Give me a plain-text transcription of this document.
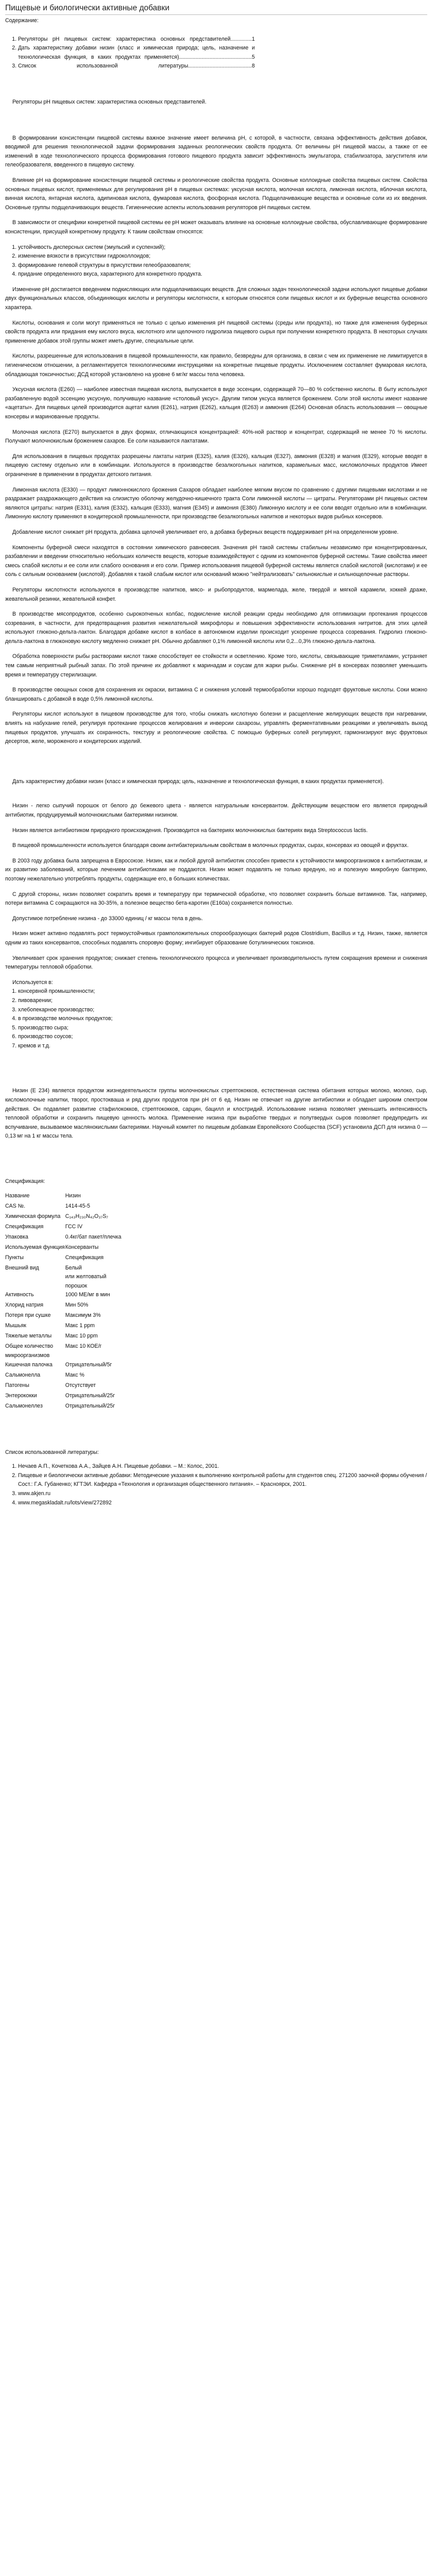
Пищевые и биологически активные добавки
Содержание:
1. Регуляторы рН пищевых систем: характеристика основных представителей..............1
2. Дать характеристику добавки низин (класс и химическая природа; цель, назначение и технологическая функция, в каких продуктах применяется)................................................5
3. Список использованной литературы..........................................8
Регуляторы рН пищевых систем: характеристика основных представителей.

В формировании консистенции пищевой системы важное значение имеет величина рН, с которой, в частности, связана эффективность действия добавок, вводимой для решения технологической задачи формирования заданных реологических свойств продукта. От величины рН пищевой массы, а также от ее изменений в ходе технологического процесса формирования готового пищевого продукта зависит эффективность эмульгатора, стабилизатора, загустителя или гелеобразователя, введенного в пищевую систему.

Влияние рН на формирование консистенции пищевой системы и реологические свойства продукта. Основные коллоидные свойства пищевых систем. Свойства основных пищевых кислот, применяемых для регулирования рН в пищевых системах: уксусная кислота, молочная кислота, лимонная кислота, яблочная кислота, винная кислота, янтарная кислота, адипиновая кислота, фумаровая кислота, фосфорная кислота. Подщелачивающие вещества и основные соли из их введения. Основные группы подщелачивающих веществ. Гигиенические аспекты использования регуляторов рН пищевых систем.

В зависимости от специфики конкретной пищевой системы ее рН может оказывать влияние на основные коллоидные свойства, обуславливающие формирование консистенции, присущей конкретному продукту. К таким свойствам относятся:

1. устойчивость дисперсных систем (эмульсий и суспензий);
2. изменение вязкости в присутствии гидроколлоидов;
3. формирование гелевой структуры в присутствии гелеобразователя;
4. придание определенного вкуса, характерного для конкретного продукта.

Изменение рН достигается введением подкисляющих или подщелачивающих веществ. Для сложных задач технологической задачи используют пищевые добавки двух функциональных классов, объединяющих кислоты и регуляторы кислотности, к которым относятся соли пищевых кислот и их буферные вещества основного характера.

Кислоты, основания и соли могут применяться не только с целью изменения рН пищевой системы (среды или продукта), но также для изменения буферных свойств продукта или придания ему кислого вкуса, кислотного или щелочного гидролиза пищевого сырья при получении конкретного продукта. В некоторых случаях применение добавок этой группы может иметь другие, специальные цели.

Кислоты, разрешенные для использования в пищевой промышленности, как правило, безвредны для организма, в связи с чем их применение не лимитируется в гигиеническом отношении, а регламентируется технологическими инструкциями на конкретные пищевые продукты. Исключением составляет фумаровая кислота, обладающая токсичностью; ДСД которой установлено на уровне 6 мг/кг массы тела человека.

Уксусная кислота (Е260) — наиболее известная пищевая кислота, выпускается в виде эссенции, содержащей 70—80 % собственно кислоты. В быту используют разбавленную водой эссенцию уксусную, получившую название «столовый уксус». Другим типом уксуса является брожением. Соли этой кислоты имеют название «ацетаты». Для пищевых целей производится ацетат калия (Е261), натрия (Е262), кальция (Е263) и аммония (Е264) Основная область использования — овощные консервы и маринованные продукты.

Молочная кислота (Е270) выпускается в двух формах, отличающихся концентрацией: 40%-ной раствор и концентрат, содержащий не менее 70 % кислоты. Получают молочнокислым брожением сахаров. Ее соли называются лактатами.

Для использования в пищевых продуктах разрешены лактаты натрия (Е325), калия (Е326), кальция (Е327), аммония (Е328) и магния (Е329), которые вводят в пищевую систему отдельно или в комбинации. Используются в производстве безалкогольных напитков, карамельных масс, кисломолочных продуктов Имеет ограничение в применении в продуктах детского питания.

Лимонная кислота (Е330) — продукт лимоннокислого брожения Сахаров обладает наиболее мягким вкусом по сравнению с другими пищевыми кислотами и не раздражает раздражающего действия на слизистую оболочку желудочно-кишечного тракта Соли лимонной кислоты — цитраты. Регуляторами pH пищевых систем являются цитраты: натрия (Е331), калия (Е332), кальция (Е333), магния (Е345) и аммония (Е380) Лимонную кислоту и ее соли вводят отдельно или в комбинации. Лимонную кислоту применяют в кондитерской промышленности, при производстве безалкогольных напитков и некоторых видов рыбных консервов.

Добавление кислот снижает рН продукта, добавка щелочей увеличивает его, а добавка буферных веществ поддерживает рН на определенном уровне.

Компоненты буферной смеси находятся в состоянии химического равновесия. Значения рН такой системы стабильны независимо при концентрированных, разбавлении и введении относительно небольших количеств веществ, которые взаимодействуют с одним из компонентов буферной системы. Такие свойства имеет смесь слабой кислоты и ее соли или слабого основания и его соли. Пример использования пищевой буферной системы является слабой кислотой (кислотами) и ее соль с сильным основанием (кислотой). Добавляя к такой слабым кислот или оснований можно "нейтрализовать" сильнокислые и сильнощелочные растворы.

Регуляторы кислотности используются в производстве напитков, мясо- и рыбопродуктов, мармелада, желе, твердой и мягкой карамели, хоккей драже, жевательной резинки, жевательной конфет.

В производстве мясопродуктов, особенно сырокопченых колбас, подкисление кислой реакции среды необходимо для оптимизации протекания процессов созревания, в частности, для предотвращения развития нежелательной микрофлоры и повышения эффективности использования нитритов. для этих целей используют глюконо-дельта-лактон. Благодаря добавке кислот в колбасе в автономном изделии происходит ускорение процесса созревания. Гидролиз глюконо-дельта-лактона в глюконовую кислоту медленно снижает рН. Обычно добавляют 0,1% лимонной кислоты или 0,2...0,3% глюконо-дельта-лактона.

Обработка поверхности рыбы растворами кислот также способствует ее стойкости и осветлению. Кроме того, кислоты, связывающие триметиламин, устраняет тем самым неприятный рыбный запах. По этой причине их добавляют к маринадам и соусам для жарки рыбы. Снижение рН в консервах позволяет уменьшить время и температуру стерилизации.

В производстве овощных соков для сохранения их окраски, витамина С и снижения условий термообработки хорошо подходят фруктовые кислоты. Соки можно бланшировать с добавкой в воде 0,5% лимонной кислоты.

Регуляторы кислот используют в пищевом производстве для того, чтобы снижать кислотную болезни и расщепление желирующих веществ при нагревании, влиять на набухание гелей, регулируя протекание процессов желирования и инверсии сахарозы, управлять ферментативными реакциями и увеличивать выход пищевых продуктов, улучшать их сохранность, текстуру и реологические свойства. С помощью буферных солей регулируют, гармонизируют вкус фруктовых десертов, желе, мороженого и кондитерских изделий.

Дать характеристику добавки низин (класс и химическая природа; цель, назначение и технологическая функция, в каких продуктах применяется).

Низин - легко сыпучий порошок от белого до бежевого цвета - является натуральным консервантом. Действующим веществом его является природный антибиотик, продуцируемый молочнокислыми бактериями низином.

Низин является антибиотиком природного происхождения. Производится на бактериях молочнокислых бактериях вида Streptococcus lactis.

В пищевой промышленности используется благодаря своим антибактериальным свойствам в молочных продуктах, сырах, консервах из овощей и фруктах.

В 2003 году добавка была запрещена в Евросоюзе. Низин, как и любой другой антибиотик способен привести к устойчивости микроорганизмов к антибиотикам, и их развитию заболеваний, которые лечением антибиотиками не поддаются. Низин может подавлять не только вредную, но и полезную микробную бактерию, поэтому нежелательно употреблять продукты, содержащие его, в больших количествах.

С другой стороны, низин позволяет сократить время и температуру при термической обработке, что позволяет сохранить больше витаминов. Так, например, потери витамина С сокращаются на 30-35%, а полезное вещество бета-каротин (Е160а) сохраняется полностью.

Допустимое потребление низина - до 33000 единиц / кг массы тела в день.

Низин может активно подавлять рост термоустойчивых грамположительных спорообразующих бактерий родов Clostridium, Bacillus и т.д. Низин, также, является одним из таких консервантов, способных подавлять споровую форму; ингибирует образование ботулинических токсинов.

Увеличивает срок хранения продуктов; снижает степень технологического процесса и увеличивает производительность путем сокращения времени и снижения температуры тепловой обработки.

Используется в:

1. консервной промышленности;
2. пивоварении;
3. хлебопекарное производство;
4. в производстве молочных продуктов;
5. производство сыра;
6. производство соусов;
7. кремов и т.д.

Низин (Е 234) является продуктом жизнедеятельности группы молочнокислых стрептококков, естественная система обитания которых молоко, молоко, сыр, кисломолочные напитки, творог, простокваша и ряд других продуктов при рН от 6 ед. Низин не отвечает на другие антибиотики и обладает широким спектром действия. Он подавляет развитие стафилококков, стрептококков, сарцин, бацилл и клостридий. Использование низина позволяет уменьшить интенсивность тепловой обработки и сохранить пищевую ценность молока. Применение низина при выработке твердых и полутвердых сыров позволяет предупредить их вспучивание, вызываемое маслянокислыми бактериями. Научный комитет по пищевым добавкам Европейского Сообщества (SCF) установила ДСП для низина 0 — 0,13 мг на 1 кг массы тела.

Спецификация:
Название	Низин
CAS №.	1414-45-5
Химическая формула	C₁₄₃H₂₃₀N₄₂O₃₇S₇
Спецификация	ГСС IV
Упаковка	0.4кг/бат пакет/плечка
Используемая функция	Консерванты
Пункты	Спецификация
Внешний вид	Белый
или желтоватый
порошок
Активность	1000 МЕ/мг в мин
Хлорид натрия	Мин 50%
Потеря при сушке	Максимум 3%
Мышьяк	Макс 1 ppm
Тяжелые металлы	Макс 10 ppm
Общее количество микроорганизмов	Макс 10 КОЕ/г
Кишечная палочка	Отрицательный/5г
Сальмонелла	Макс %
Патогены	Отсутствует
Энтерококки	Отрицательный/25г
Сальмонеллез	Отрицательный/25г
Список использованной литературы:
1. Нечаев А.П., Кочеткова А.А., Зайцев А.Н. Пищевые добавки. – М.: Колос, 2001.
2. Пищевые и биологически активные добавки: Методические указания к выполнению контрольной работы для студентов спец. 271200 заочной формы обучения /Сост.: Г.А. Губаненко; КГТЭИ. Кафедра «Технология и организация общественного питания». – Красноярск, 2001.
3. www.akjen.ru
4. www.megaskladalt.ru/lots/view/272892
